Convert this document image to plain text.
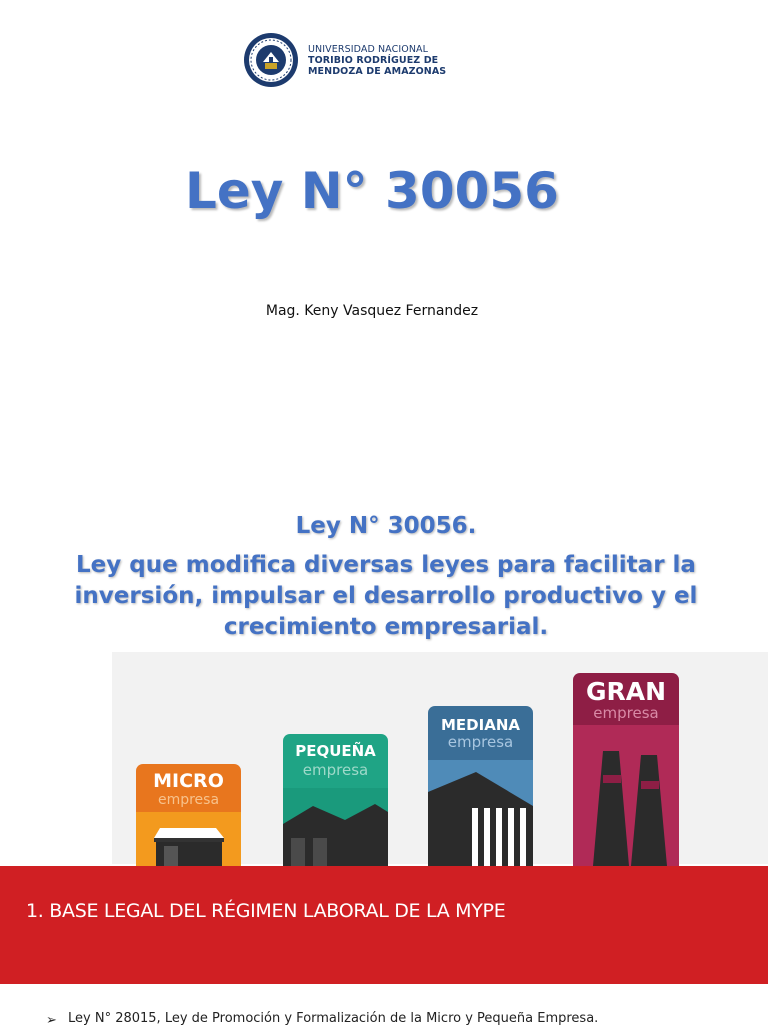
UNIVERSIDAD NACIONAL
TORIBIO RODRÍGUEZ DE
MENDOZA DE AMAZONAS
Ley N° 30056
Mag. Keny Vasquez Fernandez
Ley N° 30056.
Ley que modifica diversas leyes para facilitar la
inversión, impulsar el desarrollo productivo y el
crecimiento empresarial.
MICRO
empresa
PEQUEÑA
empresa
MEDIANA
empresa
GRAN
empresa
1. BASE LEGAL DEL RÉGIMEN LABORAL DE LA MYPE
➢ Ley N° 28015, Ley de Promoción y Formalización de la Micro y Pequeña Empresa.
